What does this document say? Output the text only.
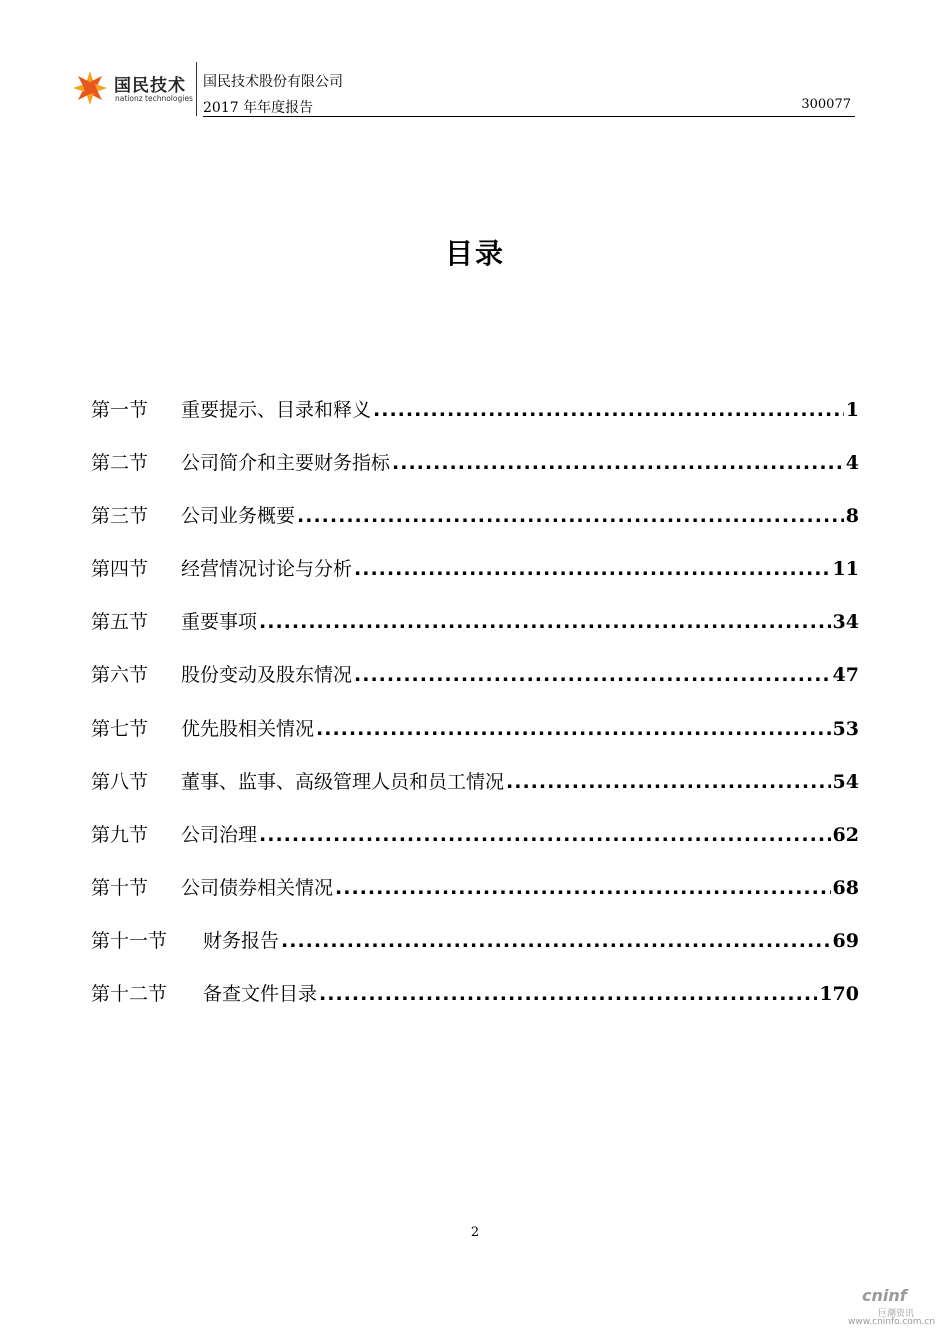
国民技术
nationz technologies
国民技术股份有限公司
2017 年年度报告	300077
目录
第一节	重要提示、目录和释义 .....	1
第二节	公司简介和主要财务指标 .....	4
第三节	公司业务概要 .....	8
第四节	经营情况讨论与分析 .....	11
第五节	重要事项 .....	34
第六节	股份变动及股东情况 .....	47
第七节	优先股相关情况 .....	53
第八节	董事、监事、高级管理人员和员工情况 .....	54
第九节	公司治理 .....	62
第十节	公司债券相关情况 .....	68
第十一节	财务报告 .....	69
第十二节	备查文件目录 .....	170
2
cninf
巨潮资讯
www.cninfo.com.cn
